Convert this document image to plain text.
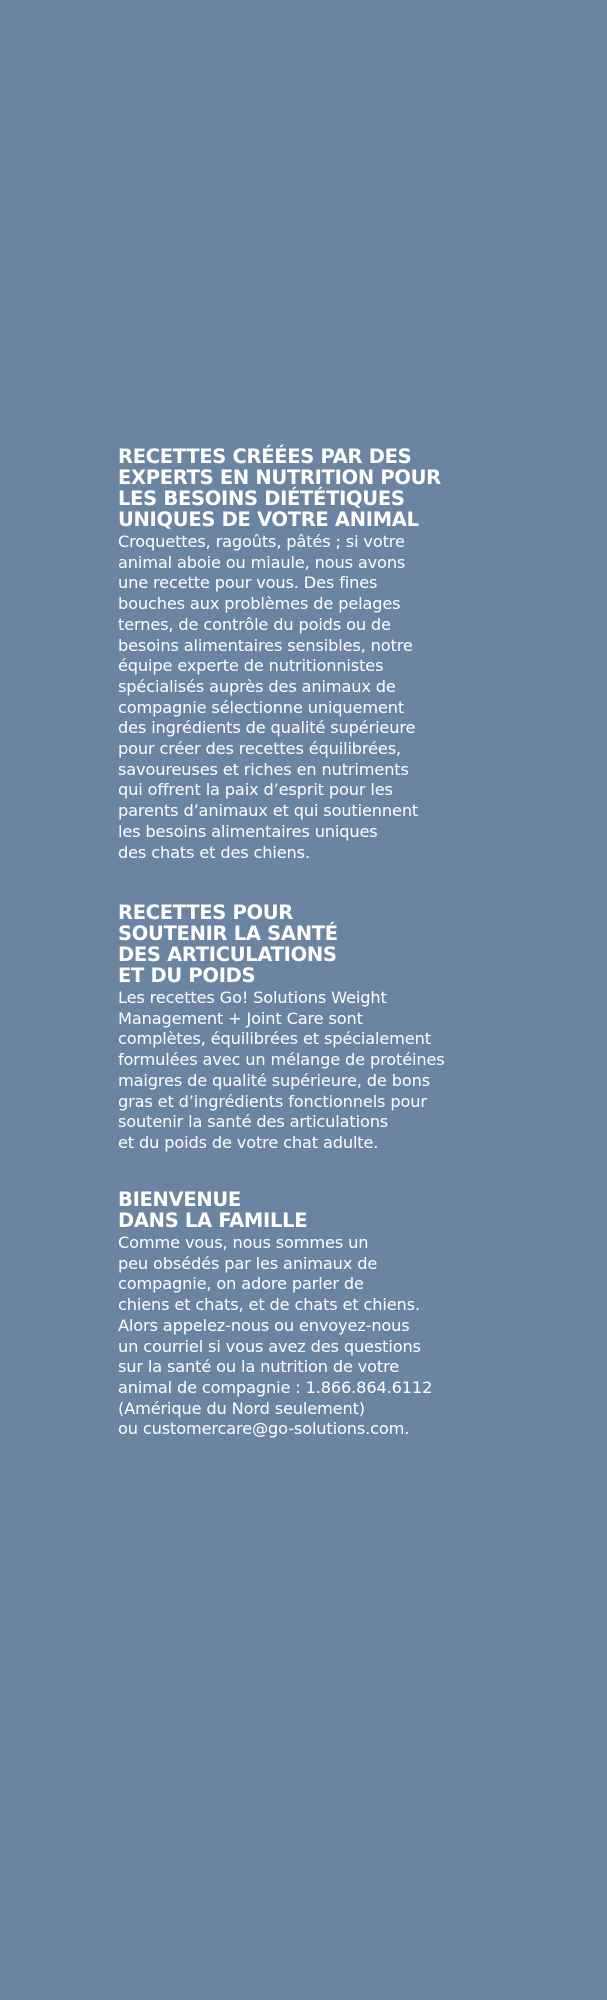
RECETTES CRÉÉES PAR DES
EXPERTS EN NUTRITION POUR
LES BESOINS DIÉTÉTIQUES
UNIQUES DE VOTRE ANIMAL

Croquettes, ragoûts, pâtés ; si votre
animal aboie ou miaule, nous avons
une recette pour vous. Des fines
bouches aux problèmes de pelages
ternes, de contrôle du poids ou de
besoins alimentaires sensibles, notre
équipe experte de nutritionnistes
spécialisés auprès des animaux de
compagnie sélectionne uniquement
des ingrédients de qualité supérieure
pour créer des recettes équilibrées,
savoureuses et riches en nutriments
qui offrent la paix d’esprit pour les
parents d’animaux et qui soutiennent
les besoins alimentaires uniques
des chats et des chiens.

RECETTES POUR
SOUTENIR LA SANTÉ
DES ARTICULATIONS
ET DU POIDS

Les recettes Go! Solutions Weight
Management + Joint Care sont
complètes, équilibrées et spécialement
formulées avec un mélange de protéines
maigres de qualité supérieure, de bons
gras et d’ingrédients fonctionnels pour
soutenir la santé des articulations
et du poids de votre chat adulte.

BIENVENUE
DANS LA FAMILLE

Comme vous, nous sommes un
peu obsédés par les animaux de
compagnie, on adore parler de
chiens et chats, et de chats et chiens.
Alors appelez-nous ou envoyez-nous
un courriel si vous avez des questions
sur la santé ou la nutrition de votre
animal de compagnie : 1.866.864.6112
(Amérique du Nord seulement)
ou customercare@go-solutions.com.
